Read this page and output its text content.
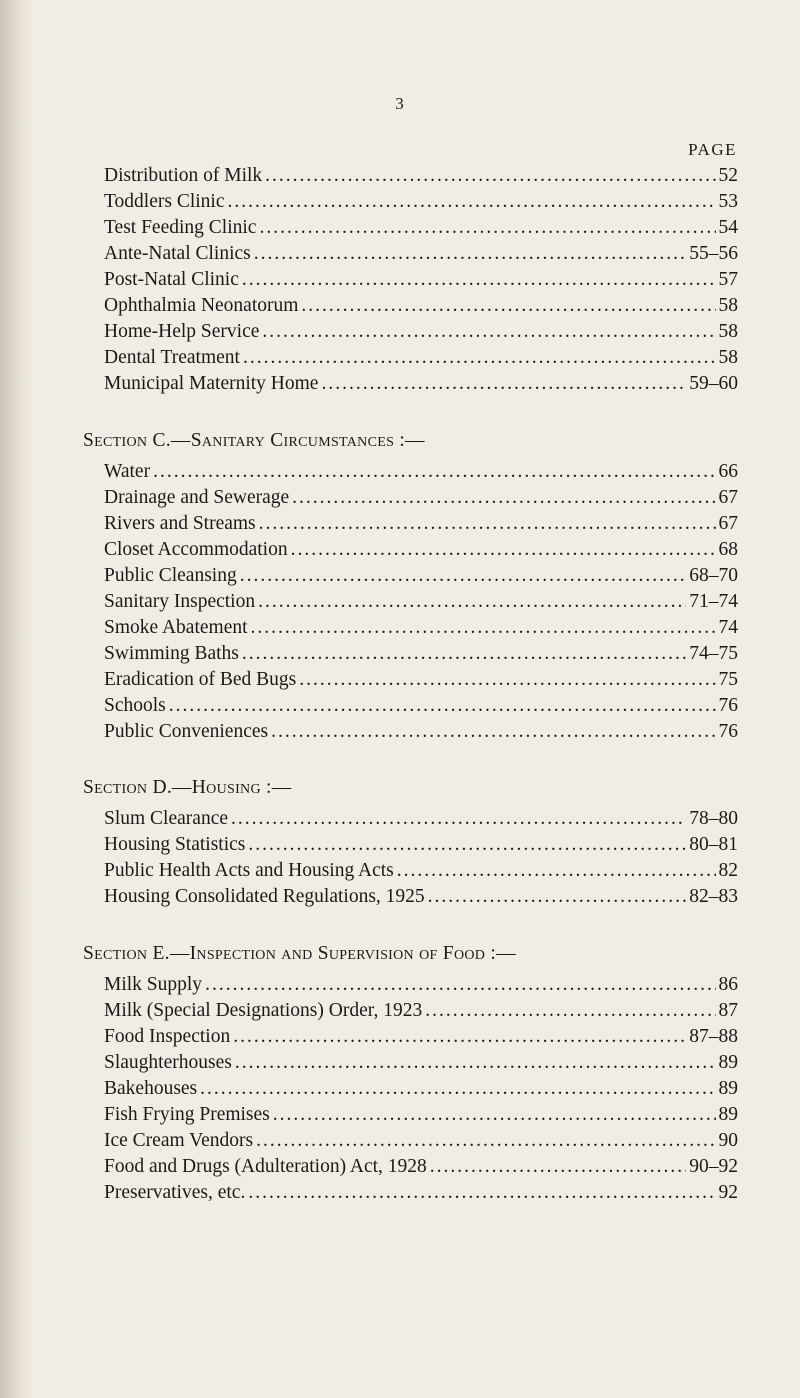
3
PAGE
Distribution of Milk .....	52
Toddlers Clinic .....	53
Test Feeding Clinic .....	54
Ante-Natal Clinics .....	55–56
Post-Natal Clinic .....	57
Ophthalmia Neonatorum .....	58
Home-Help Service .....	58
Dental Treatment .....	58
Municipal Maternity Home .....	59–60
Section C.—Sanitary Circumstances :—
Water .....	66
Drainage and Sewerage .....	67
Rivers and Streams .....	67
Closet Accommodation .....	68
Public Cleansing .....	68–70
Sanitary Inspection .....	71–74
Smoke Abatement .....	74
Swimming Baths .....	74–75
Eradication of Bed Bugs .....	75
Schools .....	76
Public Conveniences .....	76
Section D.—Housing :—
Slum Clearance .....	78–80
Housing Statistics .....	80–81
Public Health Acts and Housing Acts .....	82
Housing Consolidated Regulations, 1925 .....	82–83
Section E.—Inspection and Supervision of Food :—
Milk Supply .....	86
Milk (Special Designations) Order, 1923 .....	87
Food Inspection .....	87–88
Slaughterhouses .....	89
Bakehouses .....	89
Fish Frying Premises .....	89
Ice Cream Vendors .....	90
Food and Drugs (Adulteration) Act, 1928 .....	90–92
Preservatives, etc. .....	92
